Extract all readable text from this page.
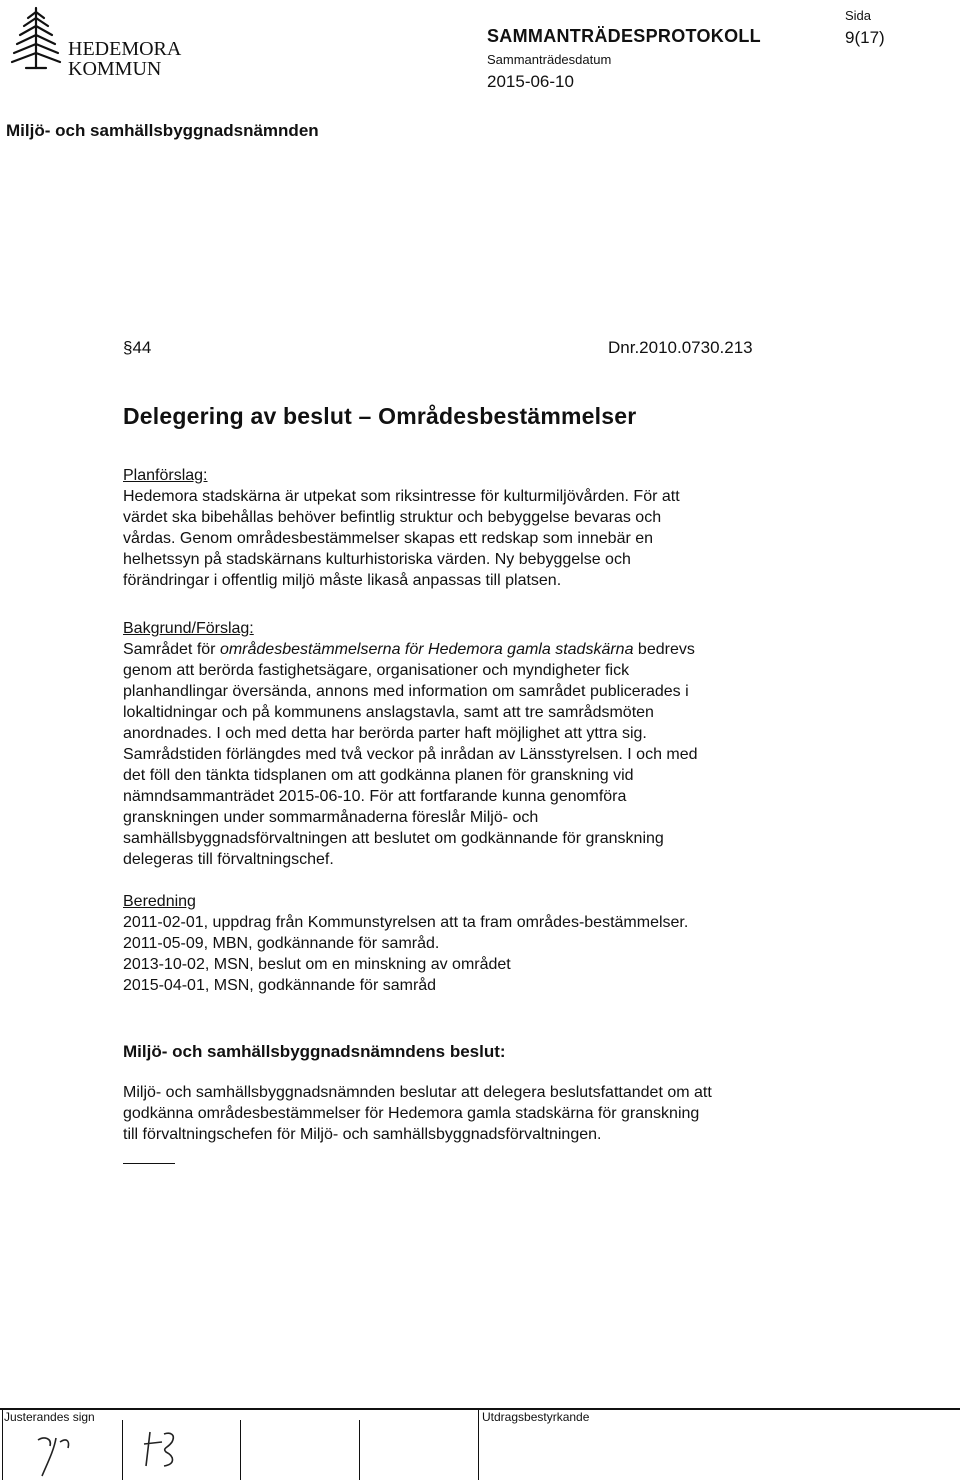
HEDEMORA
KOMMUN
SAMMANTRÄDESPROTOKOLL
Sammanträdesdatum
2015-06-10
Sida
9(17)
Miljö- och samhällsbyggnadsnämnden
§44	Dnr.2010.0730.213
Delegering av beslut – Områdesbestämmelser
Planförslag:
Hedemora stadskärna är utpekat som riksintresse för kulturmiljövården. För att
värdet ska bibehållas behöver befintlig struktur och bebyggelse bevaras och
vårdas. Genom områdesbestämmelser skapas ett redskap som innebär en
helhetssyn på stadskärnans kulturhistoriska värden. Ny bebyggelse och
förändringar i offentlig miljö måste likaså anpassas till platsen.
Bakgrund/Förslag:
Samrådet för områdesbestämmelserna för Hedemora gamla stadskärna bedrevs
genom att berörda fastighetsägare, organisationer och myndigheter fick
planhandlingar översända, annons med information om samrådet publicerades i
lokaltidningar och på kommunens anslagstavla, samt att tre samrådsmöten
anordnades. I och med detta har berörda parter haft möjlighet att yttra sig.
Samrådstiden förlängdes med två veckor på inrådan av Länsstyrelsen. I och med
det föll den tänkta tidsplanen om att godkänna planen för granskning vid
nämndsammanträdet 2015-06-10. För att fortfarande kunna genomföra
granskningen under sommarmånaderna föreslår Miljö- och
samhällsbyggnadsförvaltningen att beslutet om godkännande för granskning
delegeras till förvaltningschef.
Beredning
2011-02-01, uppdrag från Kommunstyrelsen att ta fram områdes-bestämmelser.
2011-05-09, MBN, godkännande för samråd.
2013-10-02, MSN, beslut om en minskning av området
2015-04-01, MSN, godkännande för samråd
Miljö- och samhällsbyggnadsnämndens beslut:
Miljö- och samhällsbyggnadsnämnden beslutar att delegera beslutsfattandet om att
godkänna områdesbestämmelser för Hedemora gamla stadskärna för granskning
till förvaltningschefen för Miljö- och samhällsbyggnadsförvaltningen.
Justerandes sign	Utdragsbestyrkande
